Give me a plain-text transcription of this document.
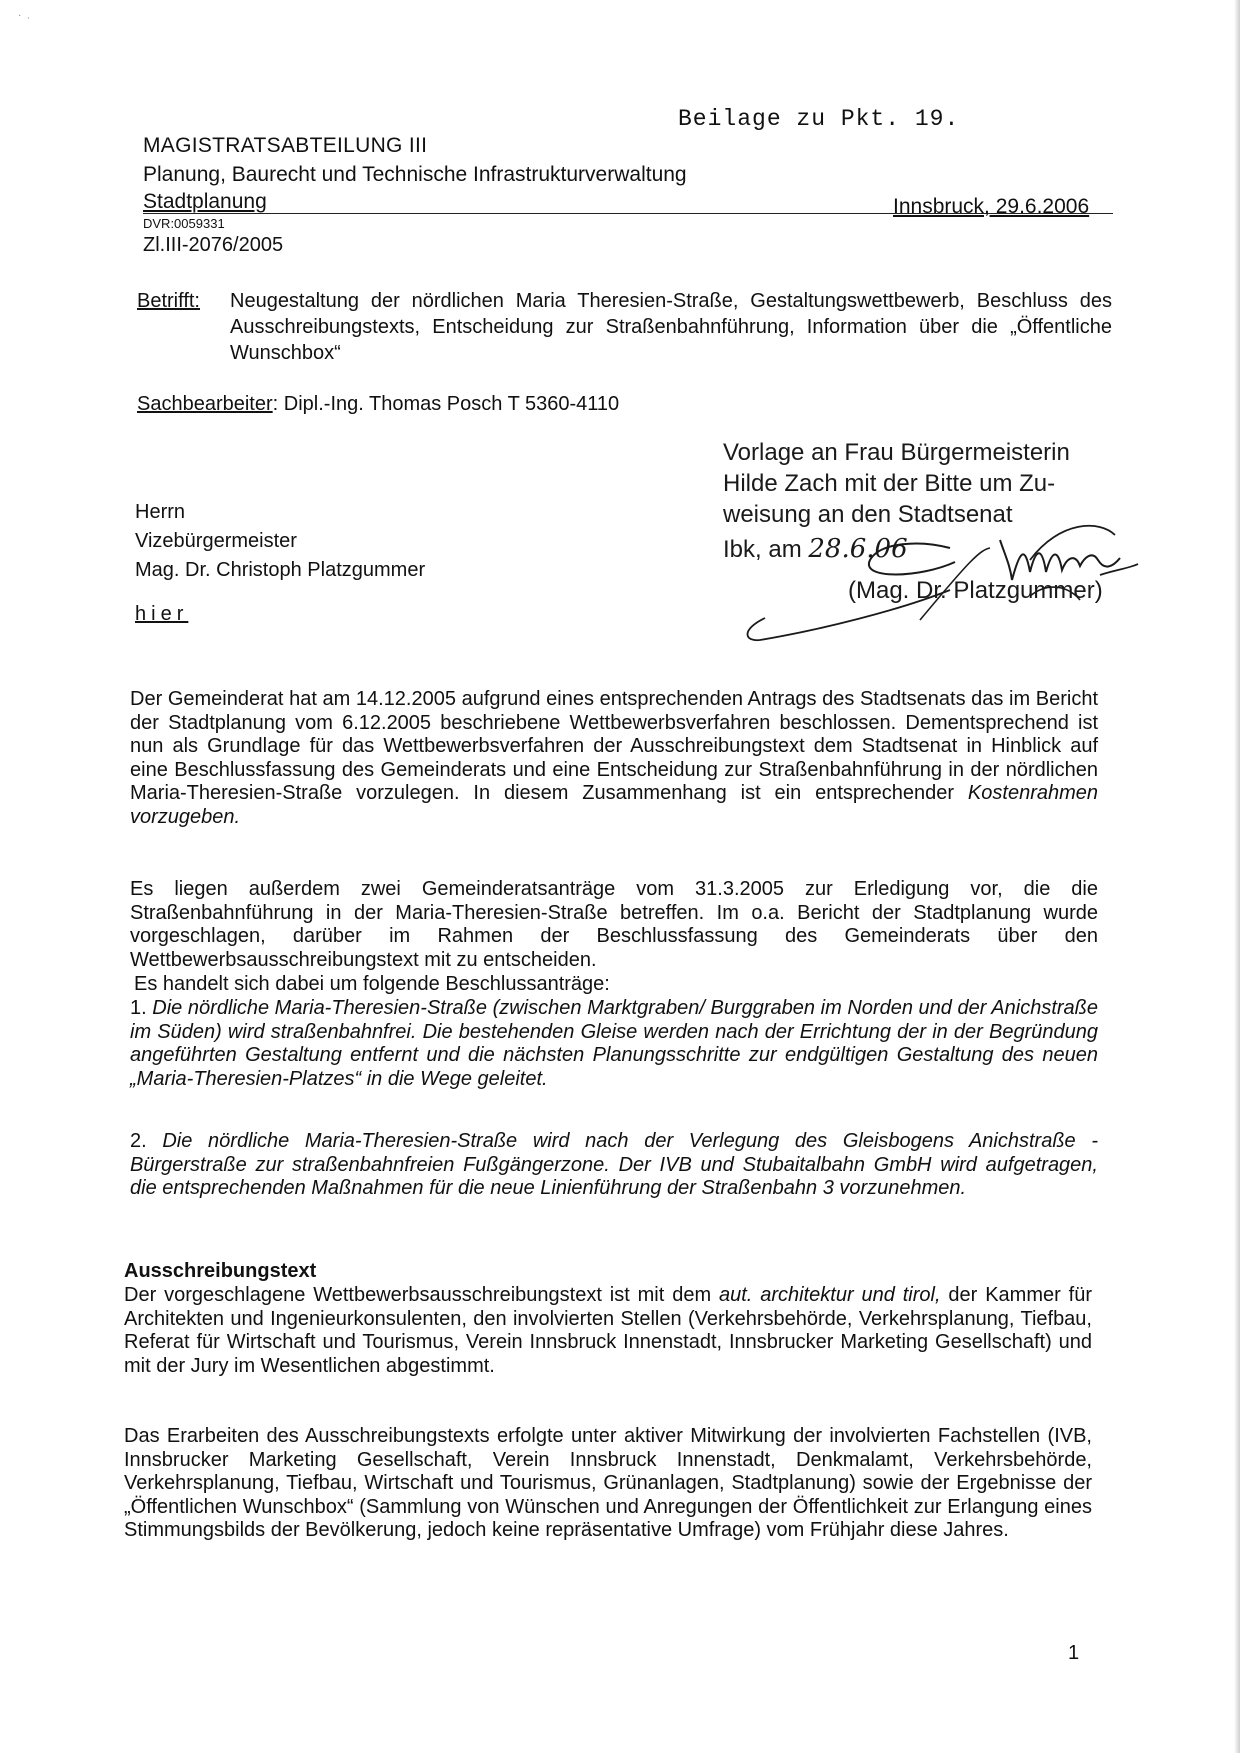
˙ ˑ
Beilage zu Pkt. 19.
MAGISTRATSABTEILUNG III
Planung, Baurecht und Technische Infrastrukturverwaltung
Stadtplanung	Innsbruck, 29.6.2006
DVR:0059331
Zl.III-2076/2005
Betrifft: Neugestaltung der nördlichen Maria Theresien-Straße, Gestaltungswettbewerb, Beschluss des Ausschreibungstexts, Entscheidung zur Straßenbahnführung, Information über die „Öffentliche Wunschbox“
Sachbearbeiter: Dipl.-Ing. Thomas Posch T 5360-4110
Vorlage an Frau Bürgermeisterin
Hilde Zach mit der Bitte um Zu-
weisung an den Stadtsenat
Ibk, am 28.6.06
(Mag. Dr. Platzgummer)
Herrn
Vizebürgermeister
Mag. Dr. Christoph Platzgummer
hier
Der Gemeinderat hat am 14.12.2005 aufgrund eines entsprechenden Antrags des Stadtsenats das im Bericht der Stadtplanung vom 6.12.2005 beschriebene Wettbewerbsverfahren beschlossen. Dementsprechend ist nun als Grundlage für das Wettbewerbsverfahren der Ausschreibungstext dem Stadtsenat in Hinblick auf eine Beschlussfassung des Gemeinderats und eine Entscheidung zur Straßenbahnführung in der nördlichen Maria-Theresien-Straße vorzulegen. In diesem Zusammenhang ist ein entsprechender Kostenrahmen vorzugeben.
Es liegen außerdem zwei Gemeinderatsanträge vom 31.3.2005 zur Erledigung vor, die die Straßenbahnführung in der Maria-Theresien-Straße betreffen. Im o.a. Bericht der Stadtplanung wurde vorgeschlagen, darüber im Rahmen der Beschlussfassung des Gemeinderats über den Wettbewerbsausschreibungstext mit zu entscheiden.
Es handelt sich dabei um folgende Beschlussanträge:
1. Die nördliche Maria-Theresien-Straße (zwischen Marktgraben/ Burggraben im Norden und der Anichstraße im Süden) wird straßenbahnfrei. Die bestehenden Gleise werden nach der Errichtung der in der Begründung angeführten Gestaltung entfernt und die nächsten Planungsschritte zur endgültigen Gestaltung des neuen „Maria-Theresien-Platzes“ in die Wege geleitet.
2. Die nördliche Maria-Theresien-Straße wird nach der Verlegung des Gleisbogens Anichstraße - Bürgerstraße zur straßenbahnfreien Fußgängerzone. Der IVB und Stubaitalbahn GmbH wird aufgetragen, die entsprechenden Maßnahmen für die neue Linienführung der Straßenbahn 3 vorzunehmen.
Ausschreibungstext
Der vorgeschlagene Wettbewerbsausschreibungstext ist mit dem aut. architektur und tirol, der Kammer für Architekten und Ingenieurkonsulenten, den involvierten Stellen (Verkehrsbehörde, Verkehrsplanung, Tiefbau, Referat für Wirtschaft und Tourismus, Verein Innsbruck Innenstadt, Innsbrucker Marketing Gesellschaft) und mit der Jury im Wesentlichen abgestimmt.
Das Erarbeiten des Ausschreibungstexts erfolgte unter aktiver Mitwirkung der involvierten Fachstellen (IVB, Innsbrucker Marketing Gesellschaft, Verein Innsbruck Innenstadt, Denkmalamt, Verkehrsbehörde, Verkehrsplanung, Tiefbau, Wirtschaft und Tourismus, Grünanlagen, Stadtplanung) sowie der Ergebnisse der „Öffentlichen Wunschbox“ (Sammlung von Wünschen und Anregungen der Öffentlichkeit zur Erlangung eines Stimmungsbilds der Bevölkerung, jedoch keine repräsentative Umfrage) vom Frühjahr diese Jahres.
1
